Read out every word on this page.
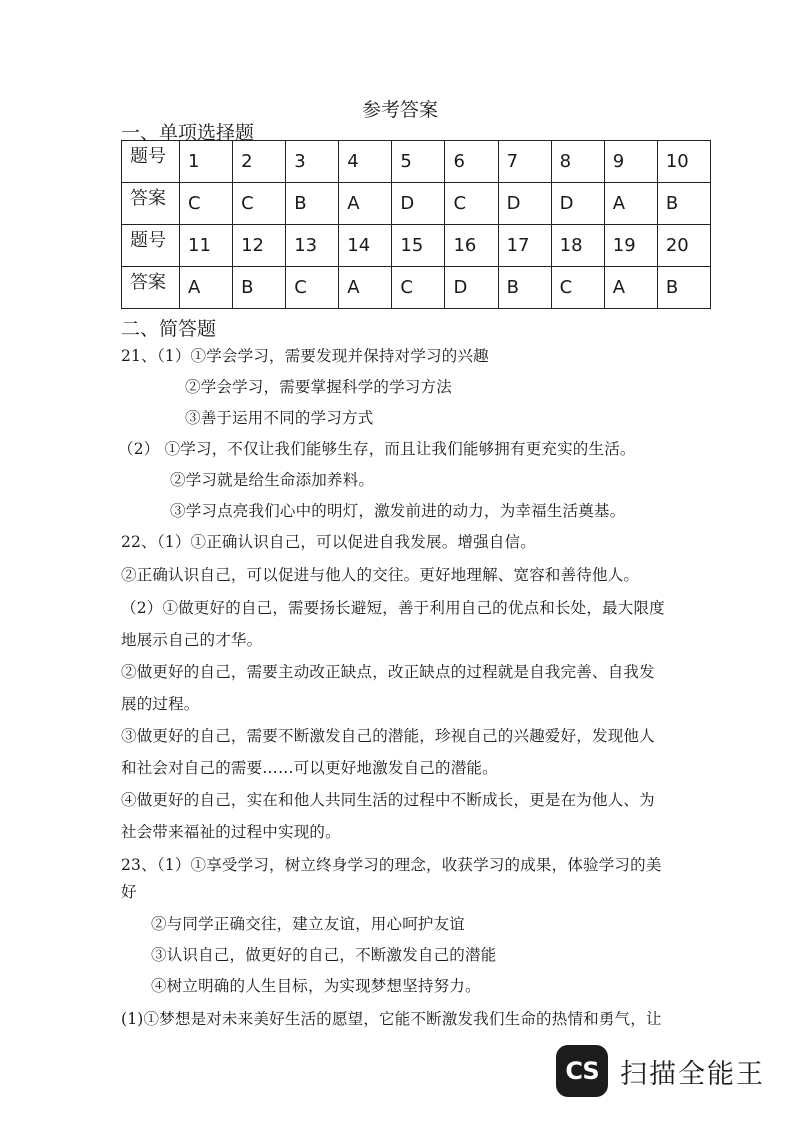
参考答案
一、单项选择题
题号	1	2	3	4	5	6	7	8	9	10
答案	C	C	B	A	D	C	D	D	A	B
题号	11	12	13	14	15	16	17	18	19	20
答案	A	B	C	A	C	D	B	C	A	B
二、简答题
21、（1）①学会学习，需要发现并保持对学习的兴趣
②学会学习，需要掌握科学的学习方法
③善于运用不同的学习方式
（2） ①学习，不仅让我们能够生存，而且让我们能够拥有更充实的生活。
②学习就是给生命添加养料。
③学习点亮我们心中的明灯，激发前进的动力，为幸福生活奠基。
22、（1）①正确认识自己，可以促进自我发展。增强自信。
②正确认识自己，可以促进与他人的交往。更好地理解、宽容和善待他人。
（2）①做更好的自己，需要扬长避短，善于利用自己的优点和长处，最大限度
地展示自己的才华。
②做更好的自己，需要主动改正缺点，改正缺点的过程就是自我完善、自我发
展的过程。
③做更好的自己，需要不断激发自己的潜能，珍视自己的兴趣爱好，发现他人
和社会对自己的需要……可以更好地激发自己的潜能。
④做更好的自己，实在和他人共同生活的过程中不断成长，更是在为他人、为
社会带来福祉的过程中实现的。
23、（1）①享受学习，树立终身学习的理念，收获学习的成果，体验学习的美
好
②与同学正确交往，建立友谊，用心呵护友谊
③认识自己，做更好的自己，不断激发自己的潜能
④树立明确的人生目标，为实现梦想坚持努力。
(1)①梦想是对未来美好生活的愿望，它能不断激发我们生命的热情和勇气，让
CS 扫描全能王
